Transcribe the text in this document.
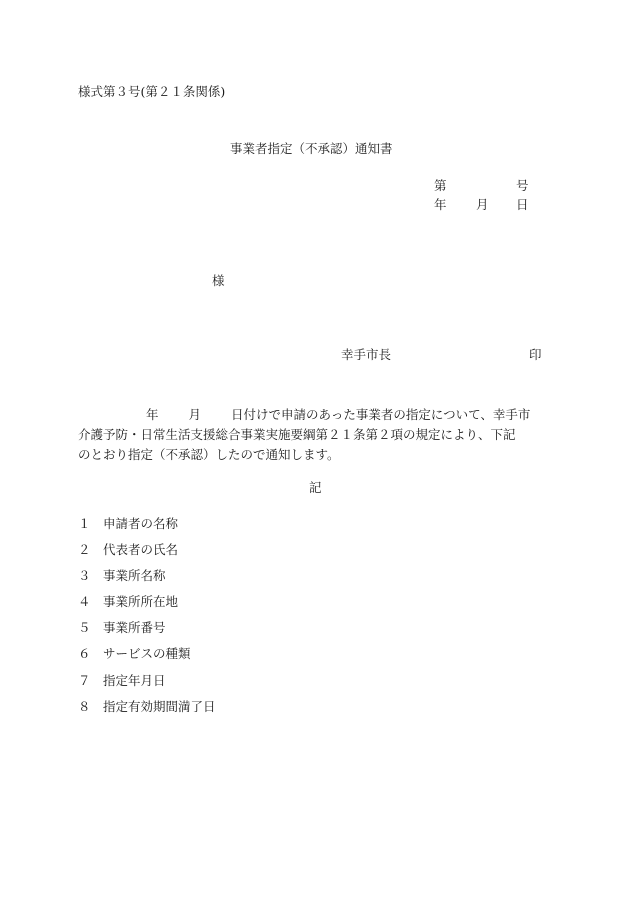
様式第３号(第２１条関係)
事業者指定（不承認）通知書
第	号
年 月 日
様
幸手市長	印
年 月 日付けで申請のあった事業者の指定について、幸手市
介護予防・日常生活支援総合事業実施要綱第２１条第２項の規定により、下記
のとおり指定（不承認）したので通知します。
記
１ 申請者の名称
２ 代表者の氏名
３ 事業所名称
４ 事業所所在地
５ 事業所番号
６ サービスの種類
７ 指定年月日
８ 指定有効期間満了日
